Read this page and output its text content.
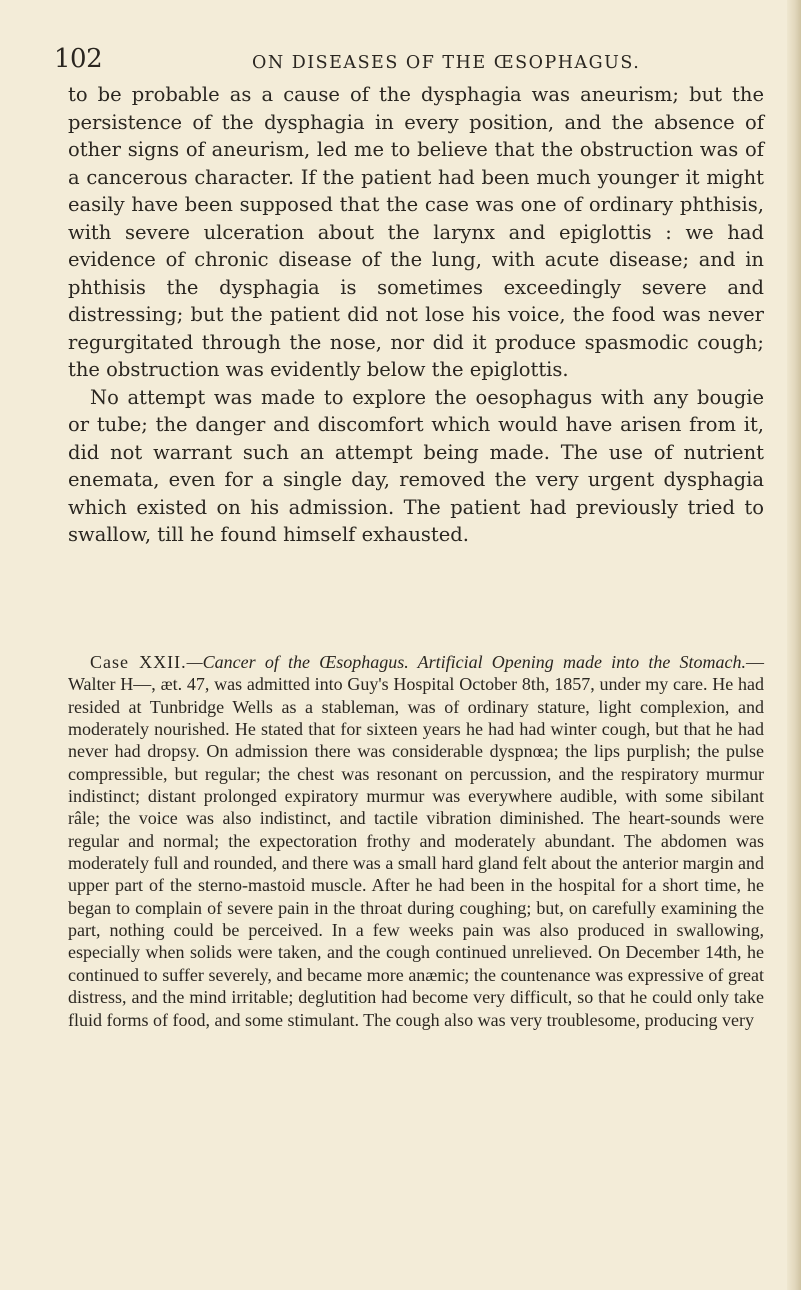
102	ON DISEASES OF THE ŒSOPHAGUS.

to be probable as a cause of the dysphagia was aneurism; but the persistence of the dysphagia in every position, and the absence of other signs of aneurism, led me to believe that the obstruction was of a cancerous character. If the patient had been much younger it might easily have been supposed that the case was one of ordinary phthisis, with severe ulceration about the larynx and epiglottis : we had evidence of chronic disease of the lung, with acute disease; and in phthisis the dysphagia is sometimes exceedingly severe and distressing; but the patient did not lose his voice, the food was never regurgitated through the nose, nor did it produce spasmodic cough; the obstruction was evidently below the epiglottis.

No attempt was made to explore the oesophagus with any bougie or tube; the danger and discomfort which would have arisen from it, did not warrant such an attempt being made. The use of nutrient enemata, even for a single day, removed the very urgent dysphagia which existed on his admission. The patient had previously tried to swallow, till he found himself exhausted.

Case XXII.—Cancer of the Œsophagus. Artificial Opening made into the Stomach.—Walter H—, æt. 47, was admitted into Guy's Hospital October 8th, 1857, under my care. He had resided at Tunbridge Wells as a stableman, was of ordinary stature, light complexion, and moderately nourished. He stated that for sixteen years he had had winter cough, but that he had never had dropsy. On admission there was considerable dyspnœa; the lips purplish; the pulse compressible, but regular; the chest was resonant on percussion, and the respiratory murmur indistinct; distant prolonged expiratory murmur was everywhere audible, with some sibilant râle; the voice was also indistinct, and tactile vibration diminished. The heart-sounds were regular and normal; the expectoration frothy and moderately abundant. The abdomen was moderately full and rounded, and there was a small hard gland felt about the anterior margin and upper part of the sterno-mastoid muscle. After he had been in the hospital for a short time, he began to complain of severe pain in the throat during coughing; but, on carefully examining the part, nothing could be perceived. In a few weeks pain was also produced in swallowing, especially when solids were taken, and the cough continued unrelieved. On December 14th, he continued to suffer severely, and became more anæmic; the countenance was expressive of great distress, and the mind irritable; deglutition had become very difficult, so that he could only take fluid forms of food, and some stimulant. The cough also was very troublesome, producing very
